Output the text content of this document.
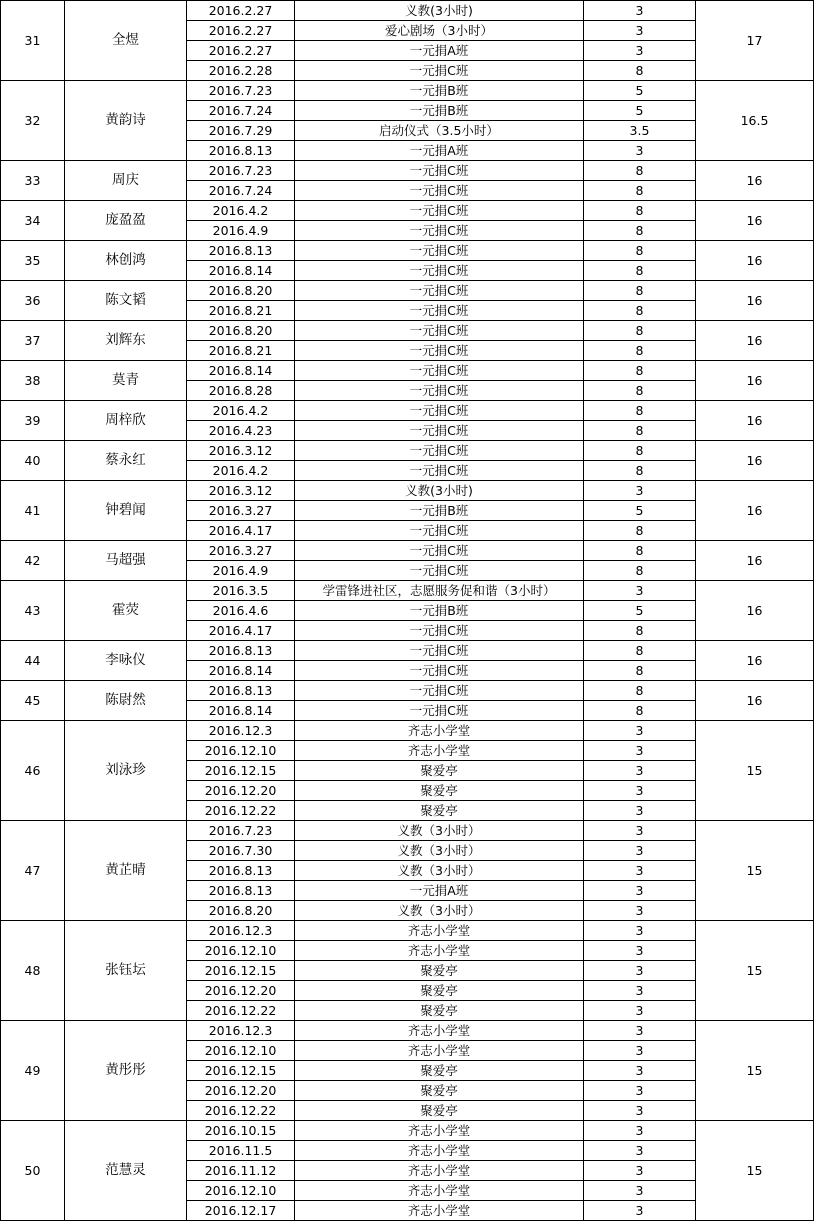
31	全煜	2016.2.27	义教(3小时)	3	17
		2016.2.27	爱心剧场（3小时）	3	
		2016.2.27	一元捐A班	3	
		2016.2.28	一元捐C班	8	
32	黄韵诗	2016.7.23	一元捐B班	5	16.5
		2016.7.24	一元捐B班	5	
		2016.7.29	启动仪式（3.5小时）	3.5	
		2016.8.13	一元捐A班	3	
33	周庆	2016.7.23	一元捐C班	8	16
		2016.7.24	一元捐C班	8	
34	庞盈盈	2016.4.2	一元捐C班	8	16
		2016.4.9	一元捐C班	8	
35	林创鸿	2016.8.13	一元捐C班	8	16
		2016.8.14	一元捐C班	8	
36	陈文韬	2016.8.20	一元捐C班	8	16
		2016.8.21	一元捐C班	8	
37	刘辉东	2016.8.20	一元捐C班	8	16
		2016.8.21	一元捐C班	8	
38	莫青	2016.8.14	一元捐C班	8	16
		2016.8.28	一元捐C班	8	
39	周梓欣	2016.4.2	一元捐C班	8	16
		2016.4.23	一元捐C班	8	
40	蔡永红	2016.3.12	一元捐C班	8	16
		2016.4.2	一元捐C班	8	
41	钟碧闻	2016.3.12	义教(3小时)	3	16
		2016.3.27	一元捐B班	5	
		2016.4.17	一元捐C班	8	
42	马超强	2016.3.27	一元捐C班	8	16
		2016.4.9	一元捐C班	8	
43	霍荧	2016.3.5	学雷锋进社区，志愿服务促和谐（3小时）	3	16
		2016.4.6	一元捐B班	5	
		2016.4.17	一元捐C班	8	
44	李咏仪	2016.8.13	一元捐C班	8	16
		2016.8.14	一元捐C班	8	
45	陈尉然	2016.8.13	一元捐C班	8	16
		2016.8.14	一元捐C班	8	
46	刘泳珍	2016.12.3	齐志小学堂	3	15
		2016.12.10	齐志小学堂	3	
		2016.12.15	聚爱亭	3	
		2016.12.20	聚爱亭	3	
		2016.12.22	聚爱亭	3	
47	黄芷晴	2016.7.23	义教（3小时）	3	15
		2016.7.30	义教（3小时）	3	
		2016.8.13	义教（3小时）	3	
		2016.8.13	一元捐A班	3	
		2016.8.20	义教（3小时）	3	
48	张钰坛	2016.12.3	齐志小学堂	3	15
		2016.12.10	齐志小学堂	3	
		2016.12.15	聚爱亭	3	
		2016.12.20	聚爱亭	3	
		2016.12.22	聚爱亭	3	
49	黄彤彤	2016.12.3	齐志小学堂	3	15
		2016.12.10	齐志小学堂	3	
		2016.12.15	聚爱亭	3	
		2016.12.20	聚爱亭	3	
		2016.12.22	聚爱亭	3	
50	范慧灵	2016.10.15	齐志小学堂	3	15
		2016.11.5	齐志小学堂	3	
		2016.11.12	齐志小学堂	3	
		2016.12.10	齐志小学堂	3	
		2016.12.17	齐志小学堂	3	
